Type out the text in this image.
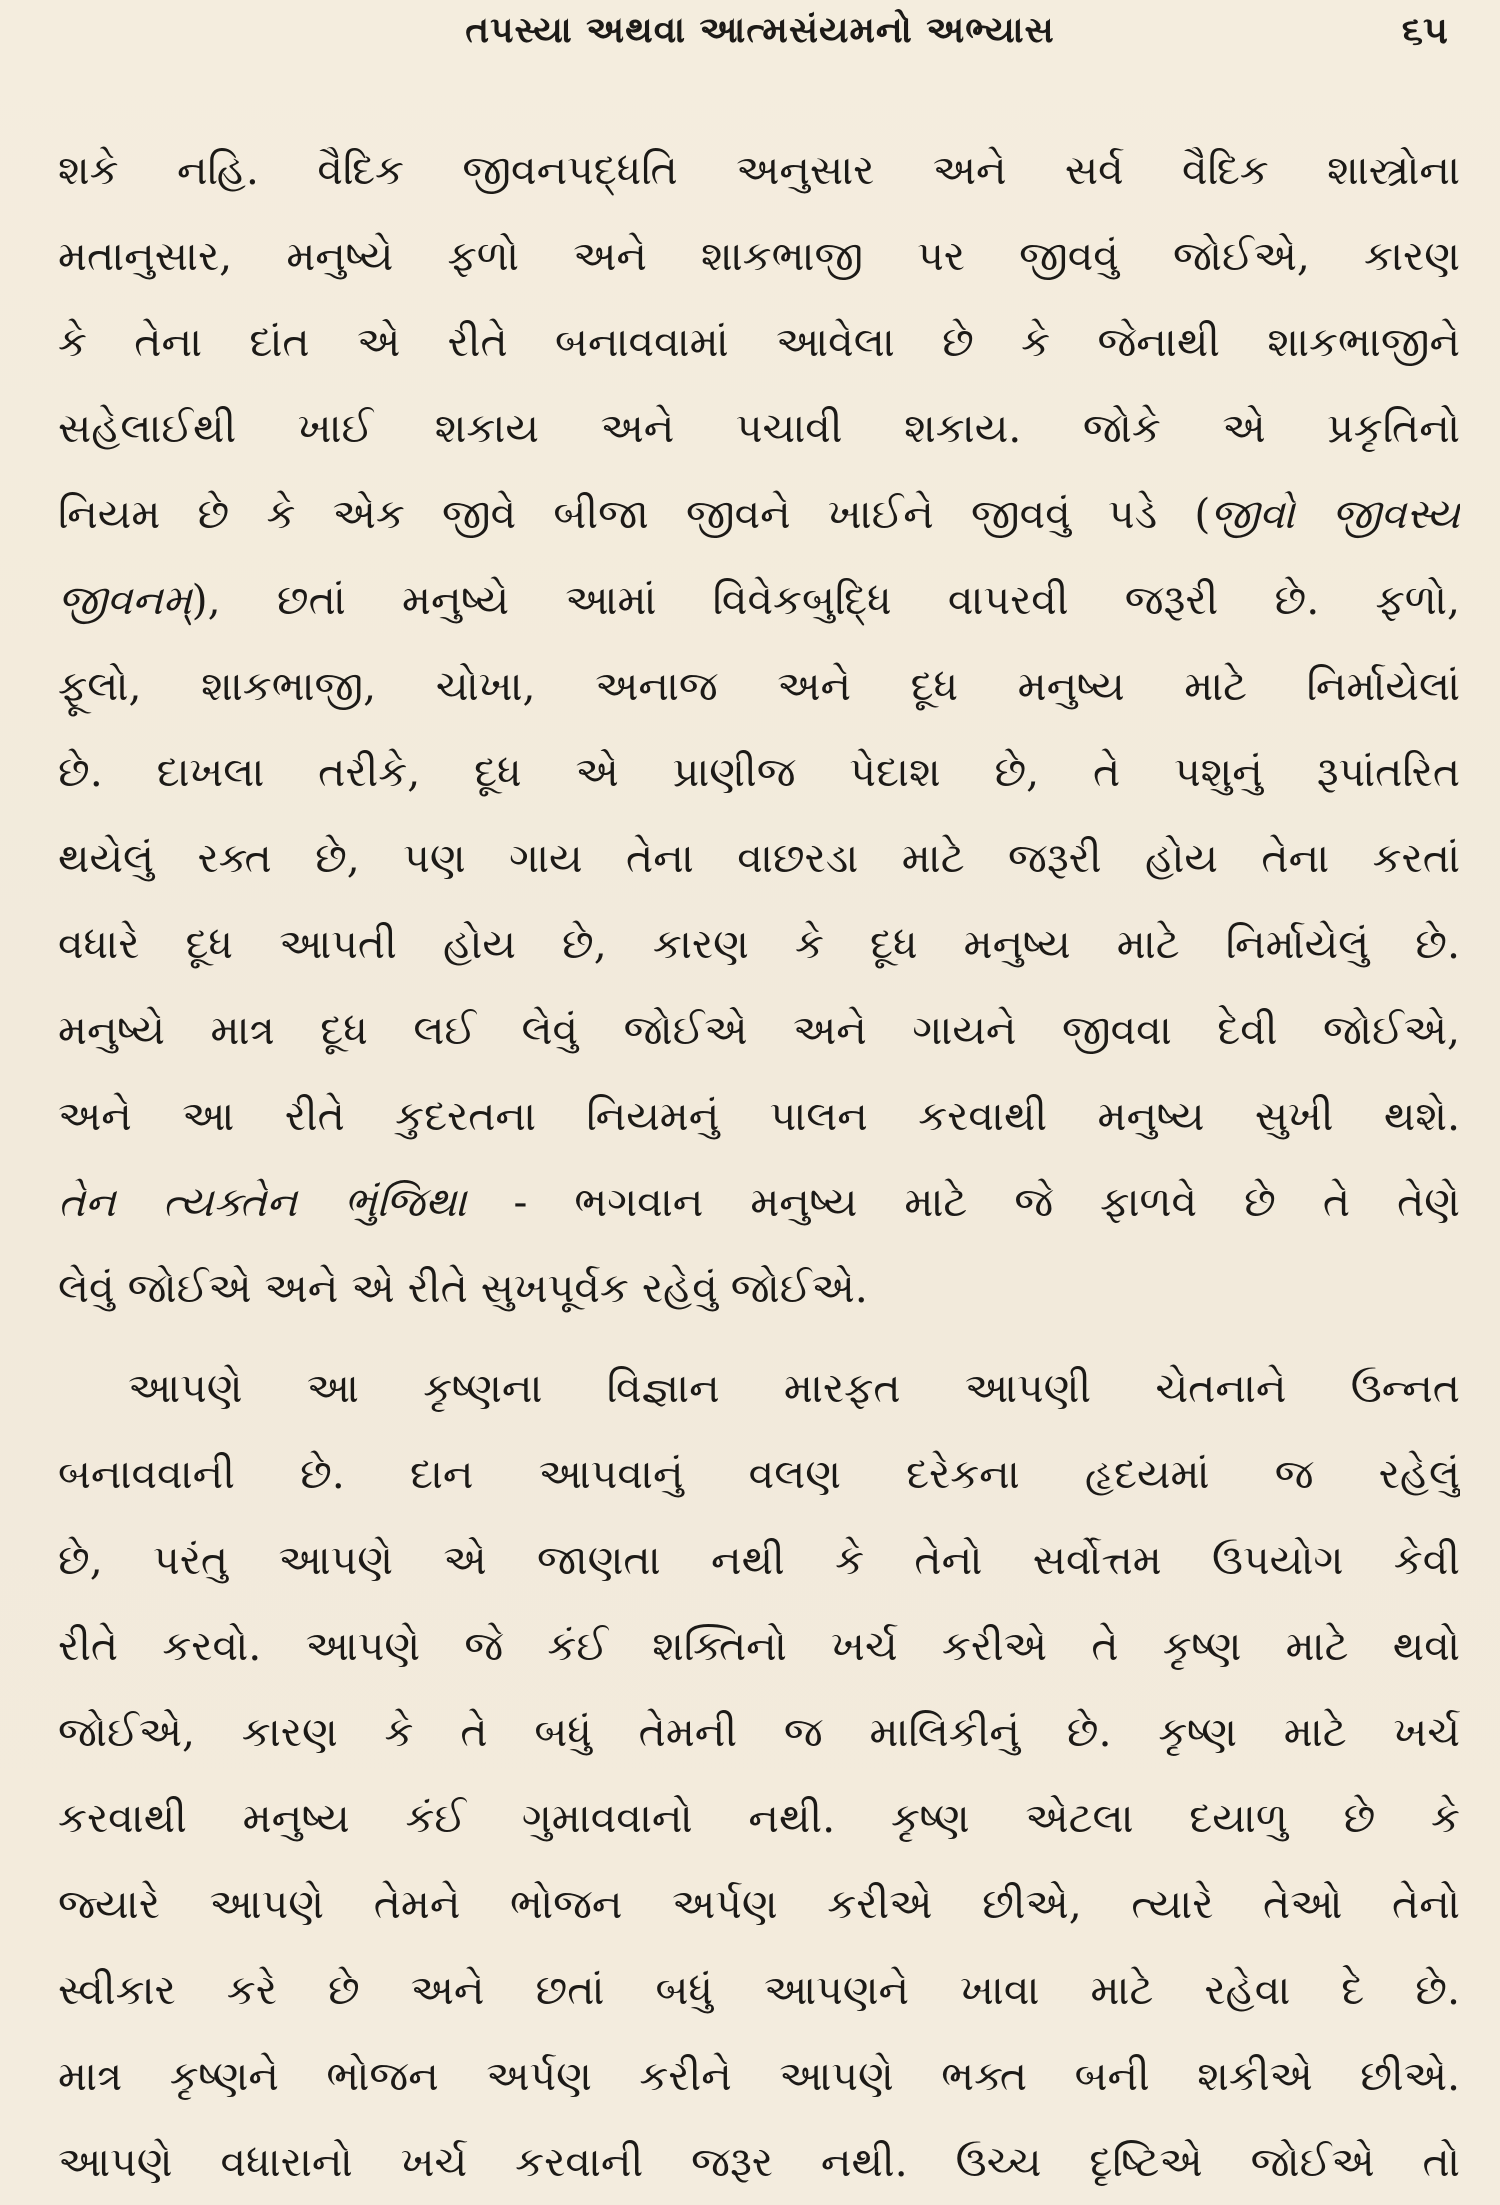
તપસ્યા અથવા આત્મસંયમનો અભ્યાસ	૬૫
શકે નહિ. વૈદિક જીવનપદ્ધતિ અનુસાર અને સર્વ વૈદિક શાસ્ત્રોના
મતાનુસાર, મનુષ્યે ફળો અને શાકભાજી પર જીવવું જોઈએ, કારણ
કે તેના દાંત એ રીતે બનાવવામાં આવેલા છે કે જેનાથી શાકભાજીને
સહેલાઈથી ખાઈ શકાય અને પચાવી શકાય. જોકે એ પ્રકૃતિનો
નિયમ છે કે એક જીવે બીજા જીવને ખાઈને જીવવું પડે (જીવો જીવસ્ય
જીવનમ્), છતાં મનુષ્યે આમાં વિવેકબુદ્ધિ વાપરવી જરૂરી છે. ફળો,
ફૂલો, શાકભાજી, ચોખા, અનાજ અને દૂધ મનુષ્ય માટે નિર્માયેલાં
છે. દાખલા તરીકે, દૂધ એ પ્રાણીજ પેદાશ છે, તે પશુનું રૂપાંતરિત
થયેલું રક્ત છે, પણ ગાય તેના વાછરડા માટે જરૂરી હોય તેના કરતાં
વધારે દૂધ આપતી હોય છે, કારણ કે દૂધ મનુષ્ય માટે નિર્માયેલું છે.
મનુષ્યે માત્ર દૂધ લઈ લેવું જોઈએ અને ગાયને જીવવા દેવી જોઈએ,
અને આ રીતે કુદરતના નિયમનું પાલન કરવાથી મનુષ્ય સુખી થશે.
તેન ત્યક્તેન ભુંજિથા - ભગવાન મનુષ્ય માટે જે ફાળવે છે તે તેણે
લેવું જોઈએ અને એ રીતે સુખપૂર્વક રહેવું જોઈએ.
આપણે આ કૃષ્ણના વિજ્ઞાન મારફત આપણી ચેતનાને ઉન્નત
બનાવવાની છે. દાન આપવાનું વલણ દરેકના હૃદયમાં જ રહેલું
છે, પરંતુ આપણે એ જાણતા નથી કે તેનો સર્વોત્તમ ઉપયોગ કેવી
રીતે કરવો. આપણે જે કંઈ શક્તિનો ખર્ચ કરીએ તે કૃષ્ણ માટે થવો
જોઈએ, કારણ કે તે બધું તેમની જ માલિકીનું છે. કૃષ્ણ માટે ખર્ચ
કરવાથી મનુષ્ય કંઈ ગુમાવવાનો નથી. કૃષ્ણ એટલા દયાળુ છે કે
જ્યારે આપણે તેમને ભોજન અર્પણ કરીએ છીએ, ત્યારે તેઓ તેનો
સ્વીકાર કરે છે અને છતાં બધું આપણને ખાવા માટે રહેવા દે છે.
માત્ર કૃષ્ણને ભોજન અર્પણ કરીને આપણે ભક્ત બની શકીએ છીએ.
આપણે વધારાનો ખર્ચ કરવાની જરૂર નથી. ઉચ્ચ દૃષ્ટિએ જોઈએ તો
